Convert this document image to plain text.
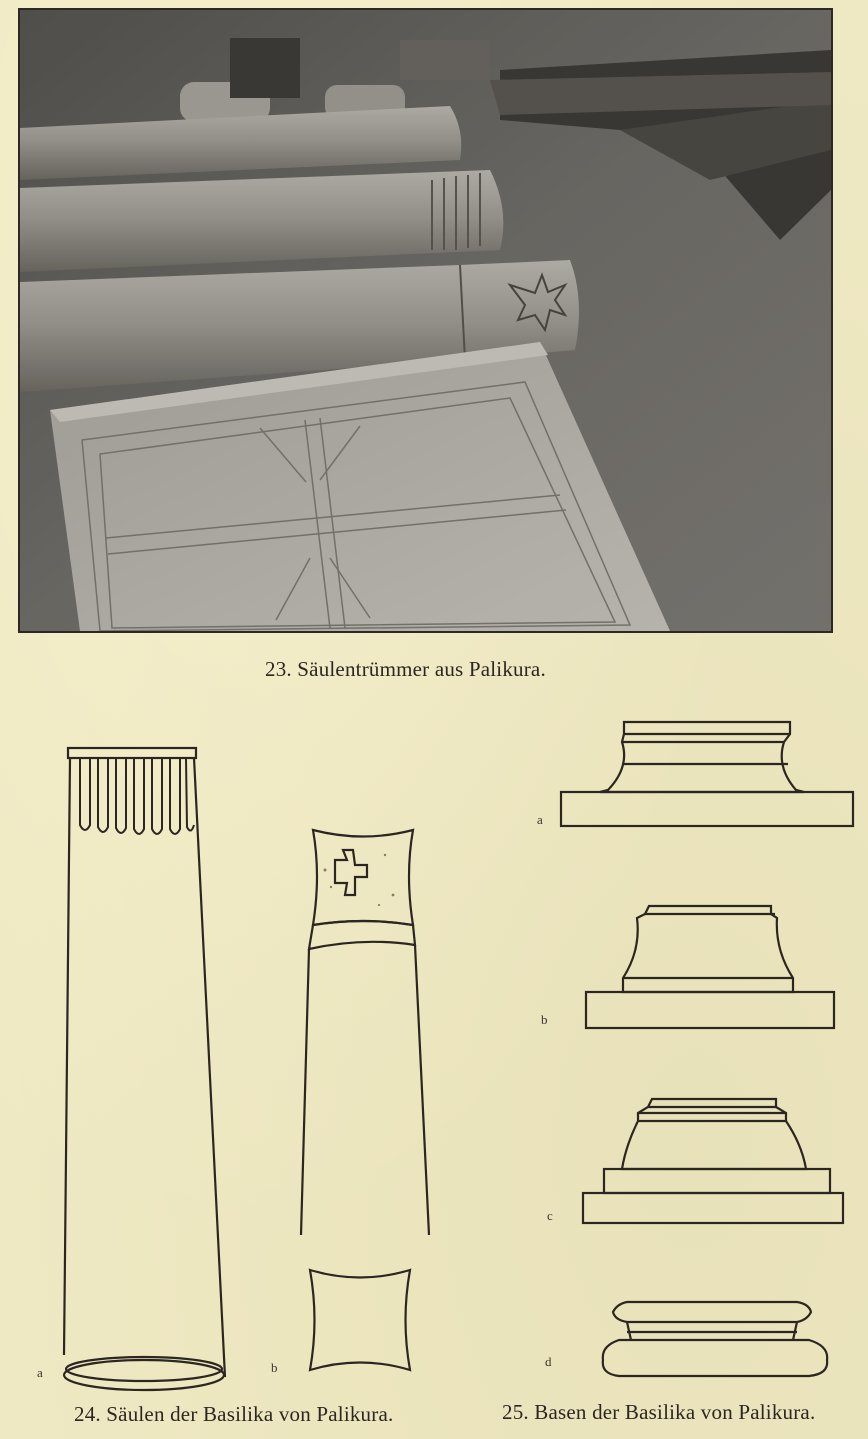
23. Säulentrümmer aus Palikura.
a	b
a
b
c
d
24. Säulen der Basilika von Palikura.	25. Basen der Basilika von Palikura.
